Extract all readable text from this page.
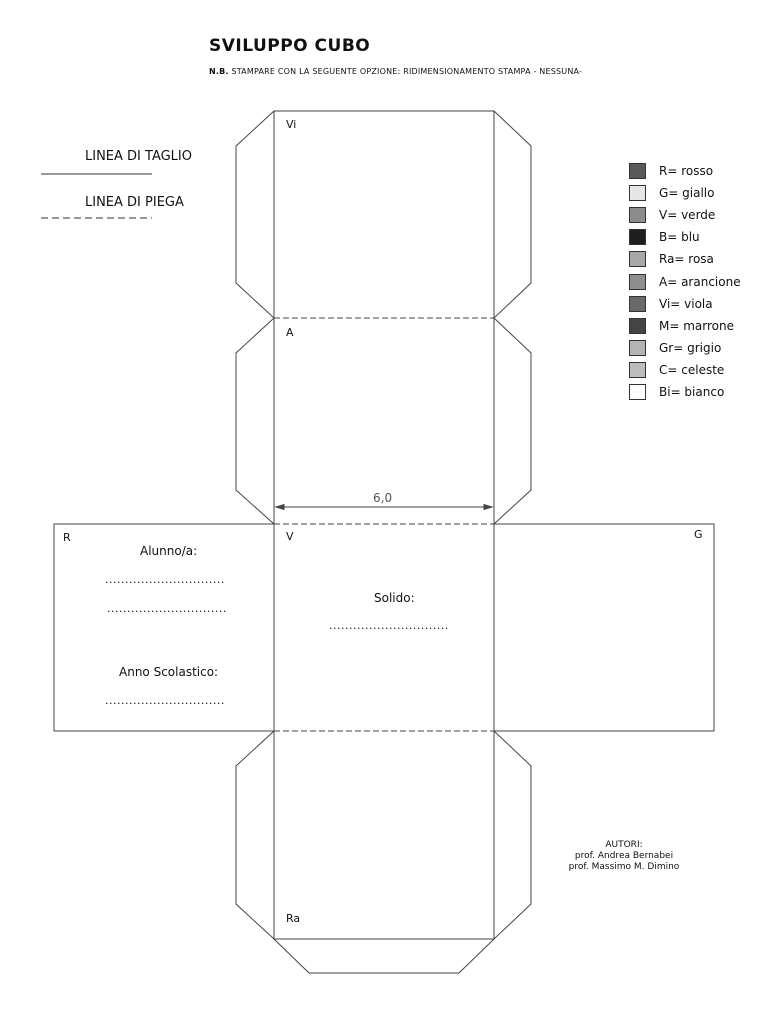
SVILUPPO CUBO
N.B. STAMPARE CON LA SEGUENTE OPZIONE: RIDIMENSIONAMENTO STAMPA - NESSUNA-
LINEA DI TAGLIO
LINEA DI PIEGA
6,0
Vi
A
V
R	G
Ra
Alunno/a:
..............................
..............................
Anno Scolastico:
..............................
Solido:
..............................
R= rosso
G= giallo
V= verde
B= blu
Ra= rosa
A= arancione
Vi= viola
M= marrone
Gr= grigio
C= celeste
Bi= bianco
AUTORI:
prof. Andrea Bernabei
prof. Massimo M. Dimino
